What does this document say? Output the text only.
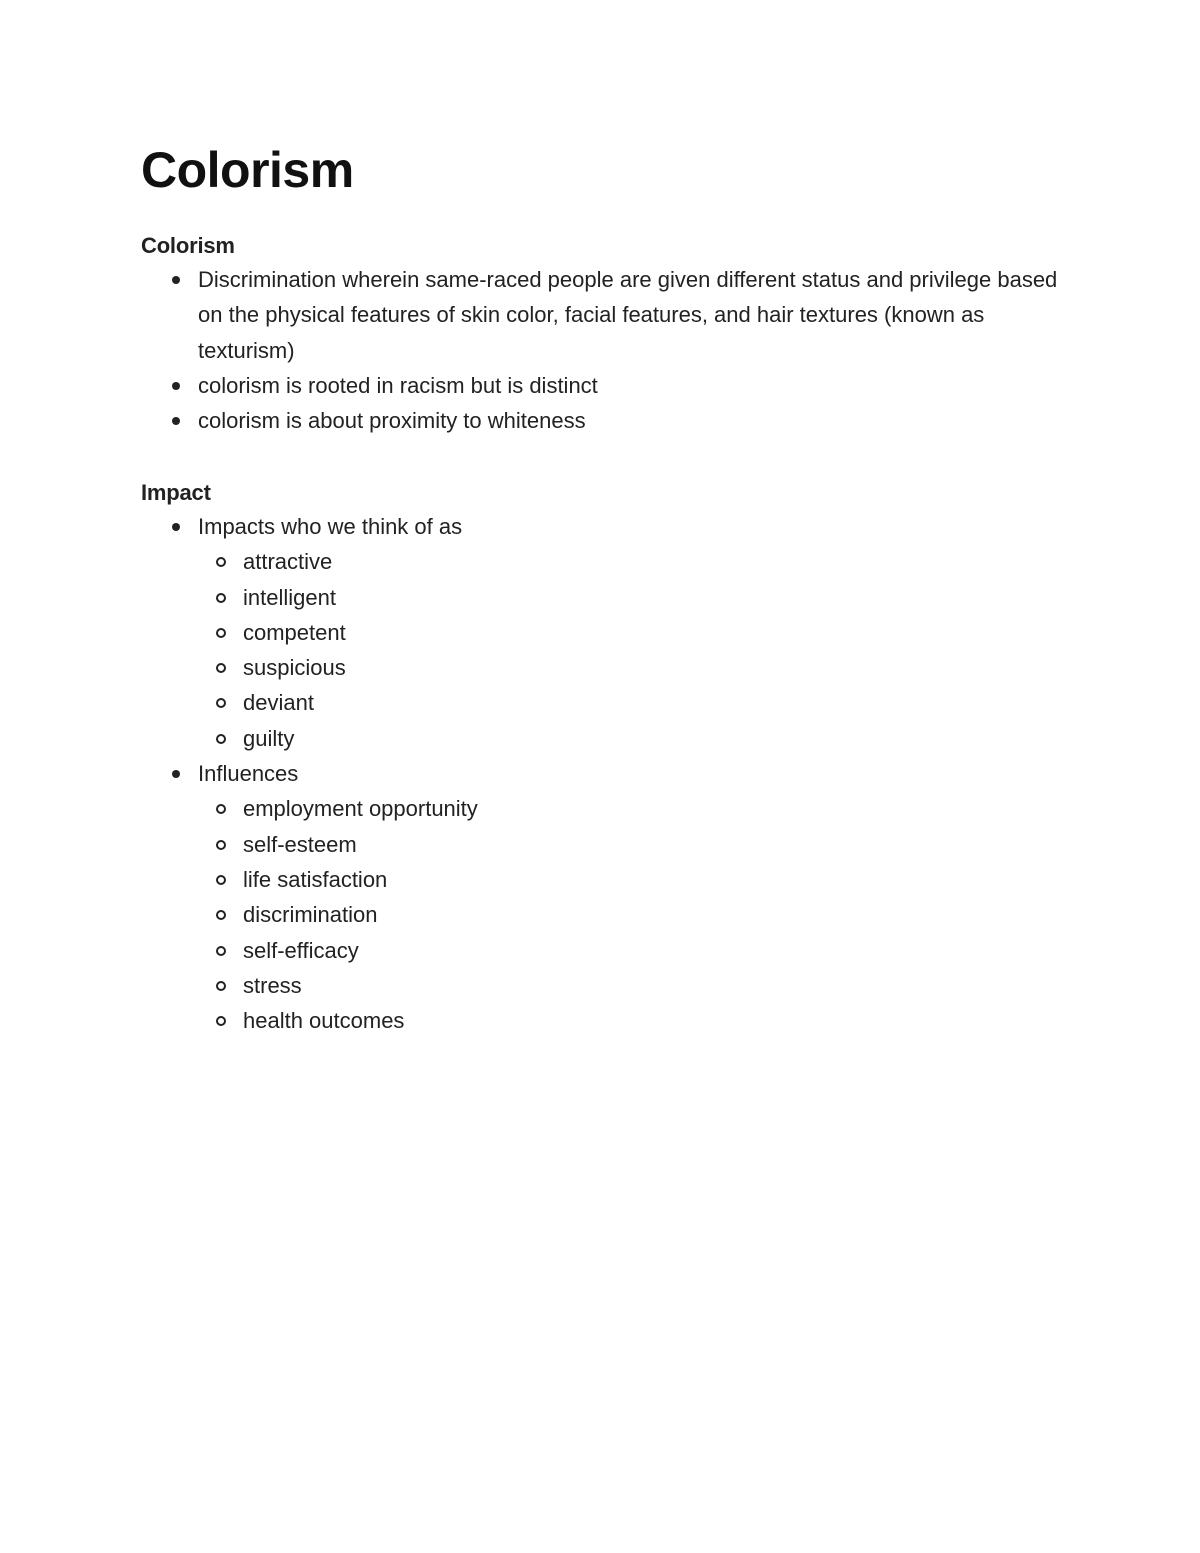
Colorism
Colorism
Discrimination wherein same-raced people are given different status and privilege based on the physical features of skin color, facial features, and hair textures (known as texturism)
colorism is rooted in racism but is distinct
colorism is about proximity to whiteness
Impact
Impacts who we think of as
attractive
intelligent
competent
suspicious
deviant
guilty
Influences
employment opportunity
self-esteem
life satisfaction
discrimination
self-efficacy
stress
health outcomes
